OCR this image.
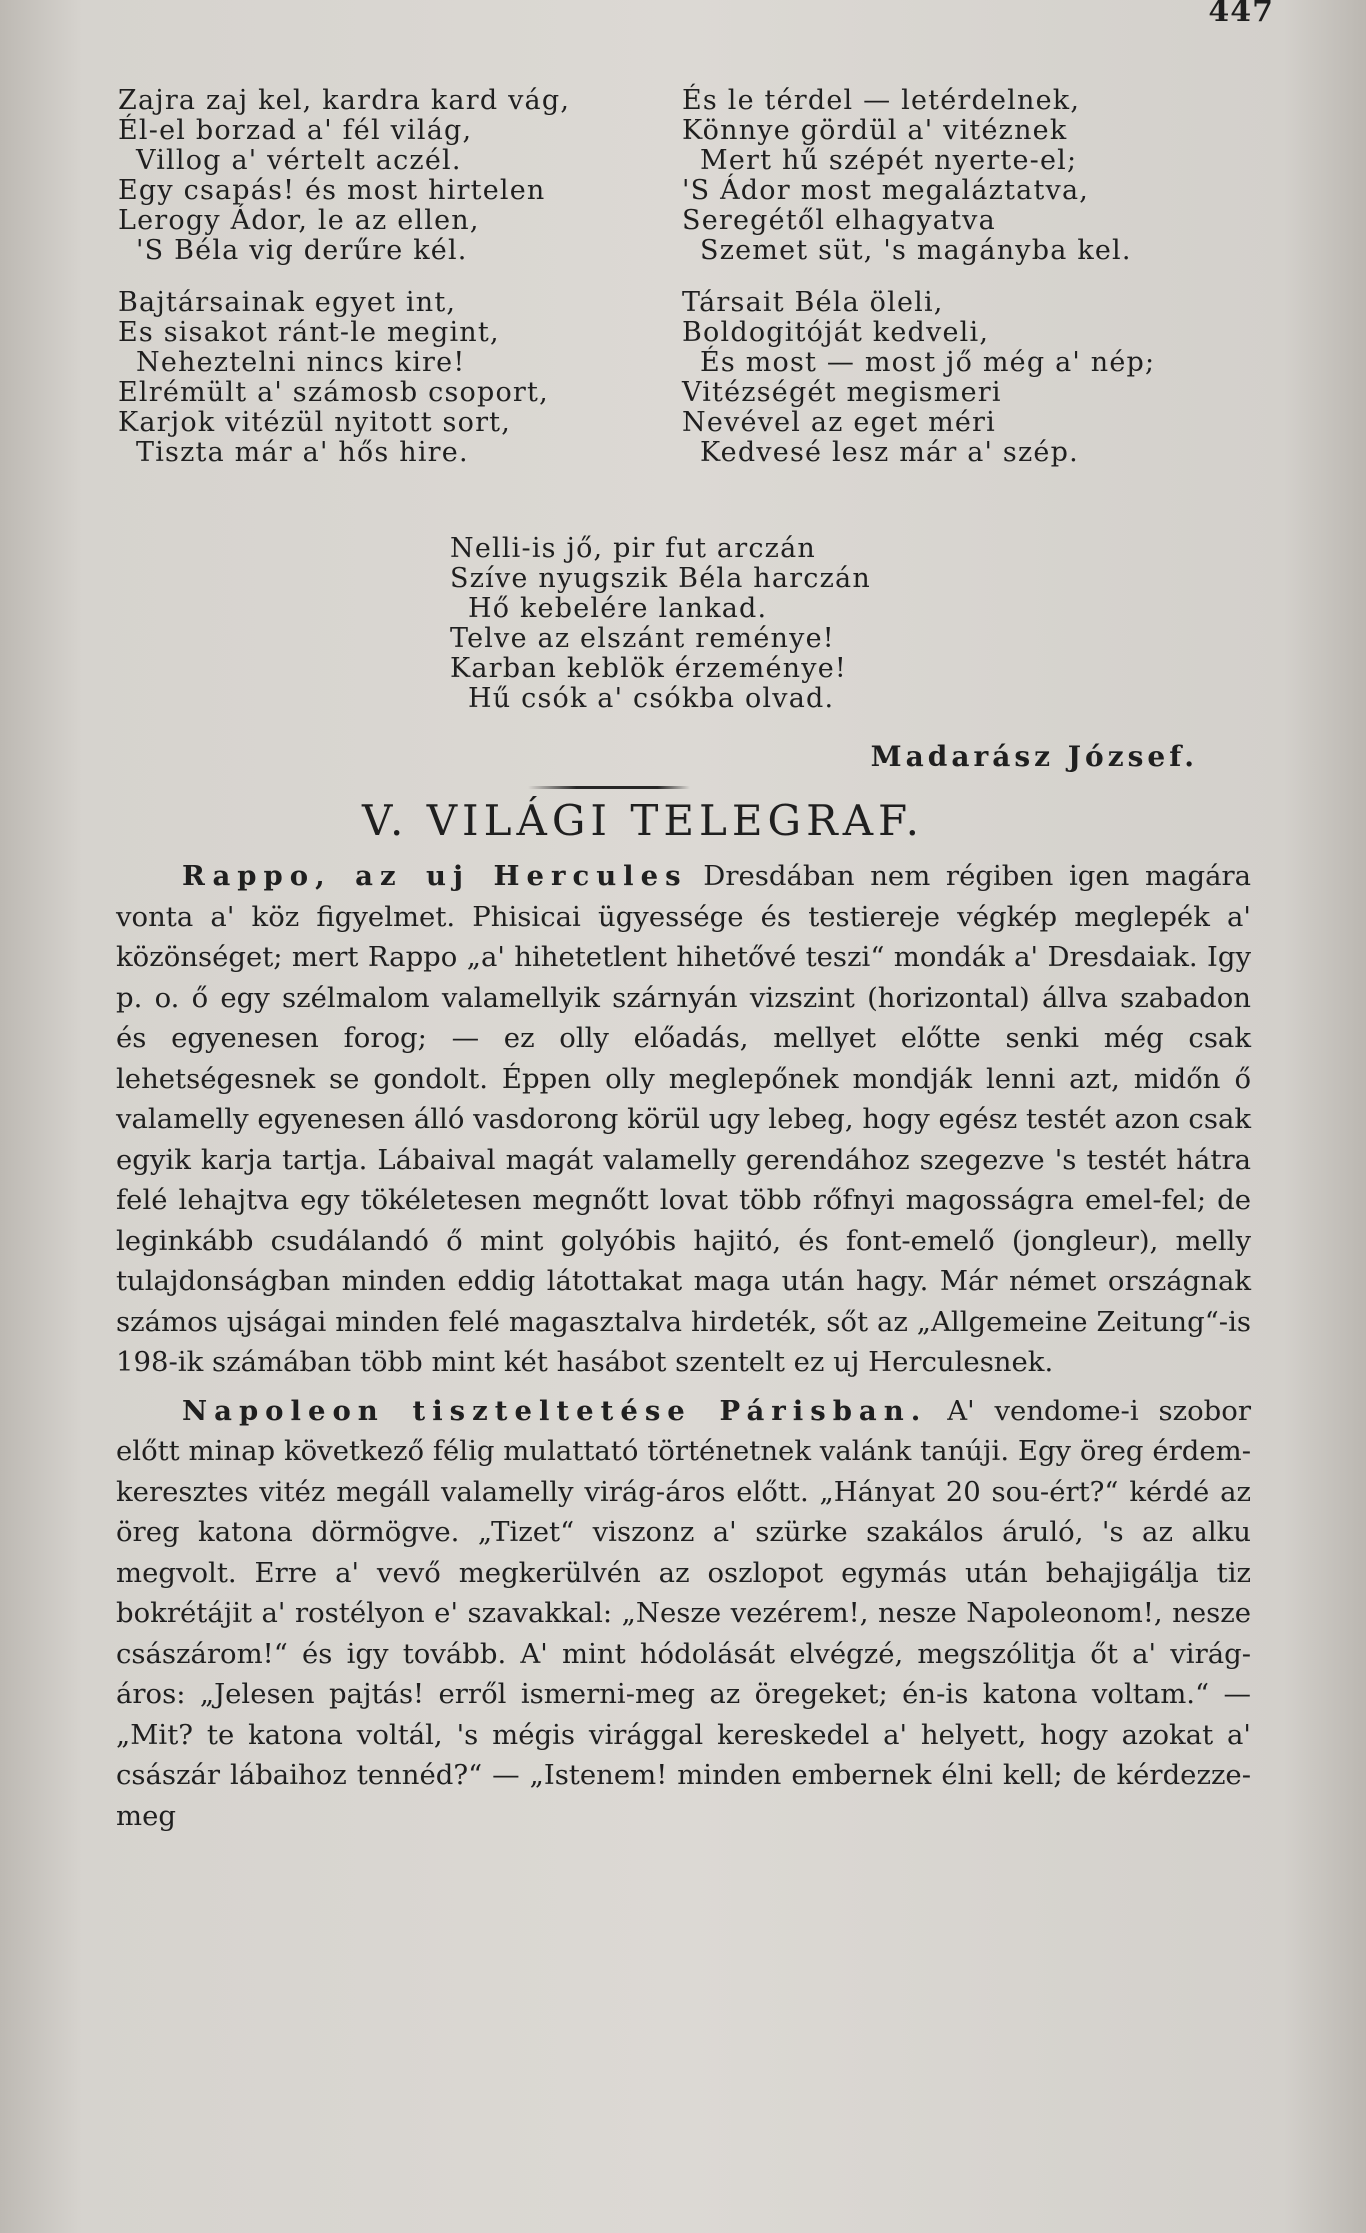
447
Zajra zaj kel, kardra kard vág,
Él-el borzad a' fél világ,
Villog a' vértelt aczél.
Egy csapás! és most hirtelen
Lerogy Ádor, le az ellen,
'S Béla vig derűre kél.
Bajtársainak egyet int,
Es sisakot ránt-le megint,
Neheztelni nincs kire!
Elrémült a' számosb csoport,
Karjok vitézül nyitott sort,
Tiszta már a' hős hire.
És le térdel — letérdelnek,
Könnye gördül a' vitéznek
Mert hű szépét nyerte-el;
'S Ádor most megaláztatva,
Seregétől elhagyatva
Szemet süt, 's magányba kel.
Társait Béla öleli,
Boldogitóját kedveli,
És most — most jő még a' nép;
Vitézségét megismeri
Nevével az eget méri
Kedvesé lesz már a' szép.
Nelli-is jő, pir fut arczán
Szíve nyugszik Béla harczán
Hő kebelére lankad.
Telve az elszánt reménye!
Karban keblök érzeménye!
Hű csók a' csókba olvad.
Madarász József.
V. VILÁGI TELEGRAF.

Rappo, az uj Hercules Dresdában nem régiben igen magára vonta a' köz figyelmet. Phisicai ügyessége és testiereje végkép meglepék a' közönséget; mert Rappo „a' hihetetlent hihetővé teszi“ mondák a' Dresdaiak. Igy p. o. ő egy szélmalom valamellyik szárnyán vizszint (horizontal) állva szabadon és egyenesen forog; — ez olly előadás, mellyet előtte senki még csak lehetségesnek se gondolt. Éppen olly meglepőnek mondják lenni azt, midőn ő valamelly egyenesen álló vasdorong körül ugy lebeg, hogy egész testét azon csak egyik karja tartja. Lábaival magát valamelly gerendához szegezve 's testét hátra felé lehajtva egy tökéletesen megnőtt lovat több rőfnyi magosságra emel-fel; de leginkább csudálandó ő mint golyóbis hajitó, és font-emelő (jongleur), melly tulajdonságban minden eddig látottakat maga után hagy. Már német országnak számos ujságai minden felé magasztalva hirdeték, sőt az „Allgemeine Zeitung“-is 198-ik számában több mint két hasábot szentelt ez uj Herculesnek.

Napoleon tiszteltetése Párisban. A' vendome-i szobor előtt minap következő félig mulattató történetnek valánk tanúji. Egy öreg érdem-keresztes vitéz megáll valamelly virág-áros előtt. „Hányat 20 sou-ért?“ kérdé az öreg katona dörmögve. „Tizet“ viszonz a' szürke szakálos áruló, 's az alku megvolt. Erre a' vevő megkerülvén az oszlopot egymás után behajigálja tiz bokrétájit a' rostélyon e' szavakkal: „Nesze vezérem!, nesze Napoleonom!, nesze császárom!“ és igy tovább. A' mint hódolását elvégzé, megszólitja őt a' virág-áros: „Jelesen pajtás! erről ismerni-meg az öregeket; én-is katona voltam.“ — „Mit? te katona voltál, 's mégis virággal kereskedel a' helyett, hogy azokat a' császár lábaihoz tennéd?“ — „Istenem! minden embernek élni kell; de kérdezze-meg
